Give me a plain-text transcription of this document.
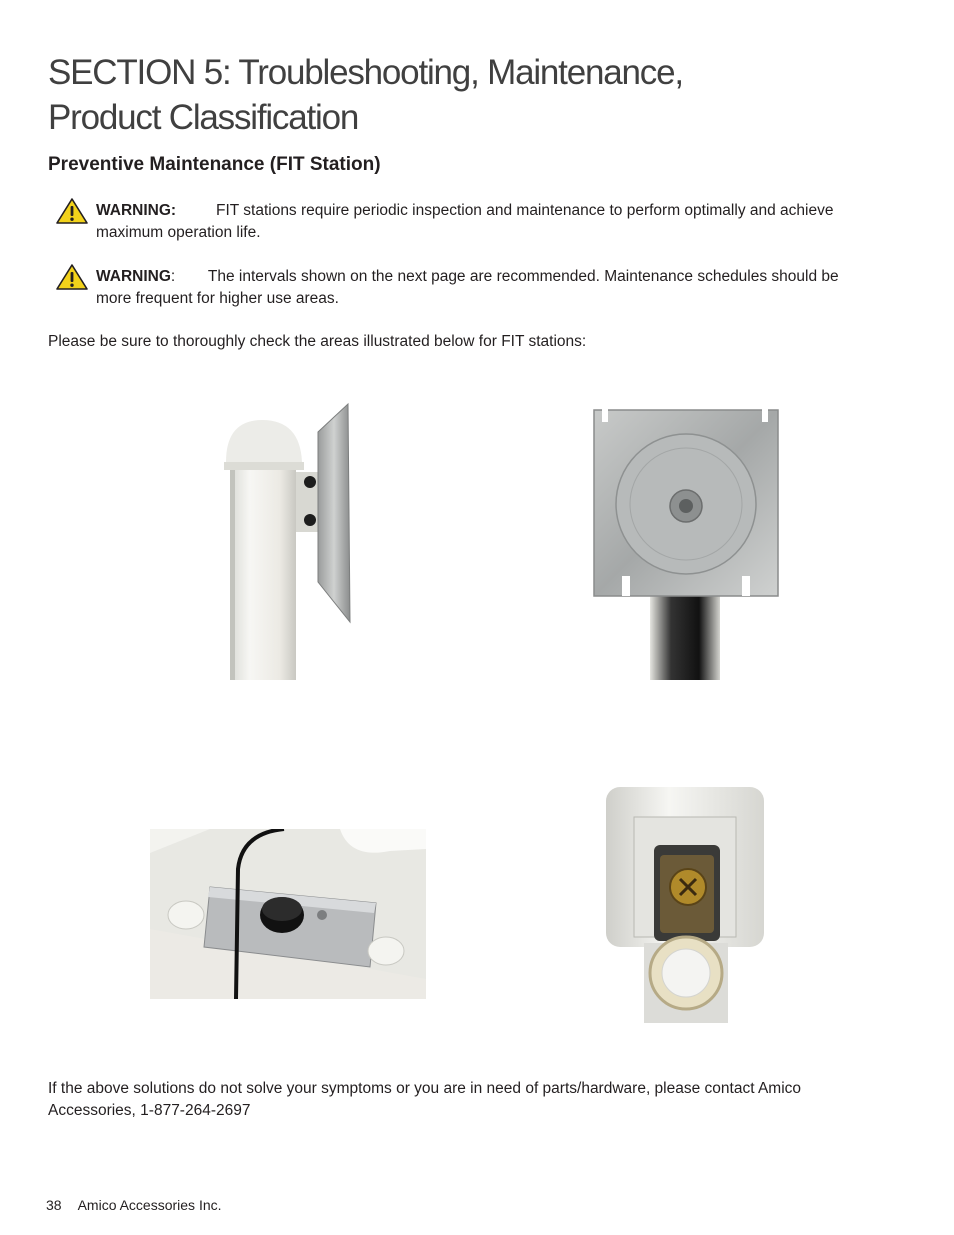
SECTION 5: Troubleshooting, Maintenance,
Product Classification
Preventive Maintenance (FIT Station)
WARNING:	FIT stations require periodic inspection and maintenance to perform optimally and achieve
maximum operation life.
WARNING: The intervals shown on the next page are recommended. Maintenance schedules should be
more frequent for higher use areas.
Please be sure to thoroughly check the areas illustrated below for FIT stations:
If the above solutions do not solve your symptoms or you are in need of parts/hardware, please contact Amico
Accessories, 1-877-264-2697
38 Amico Accessories Inc.
